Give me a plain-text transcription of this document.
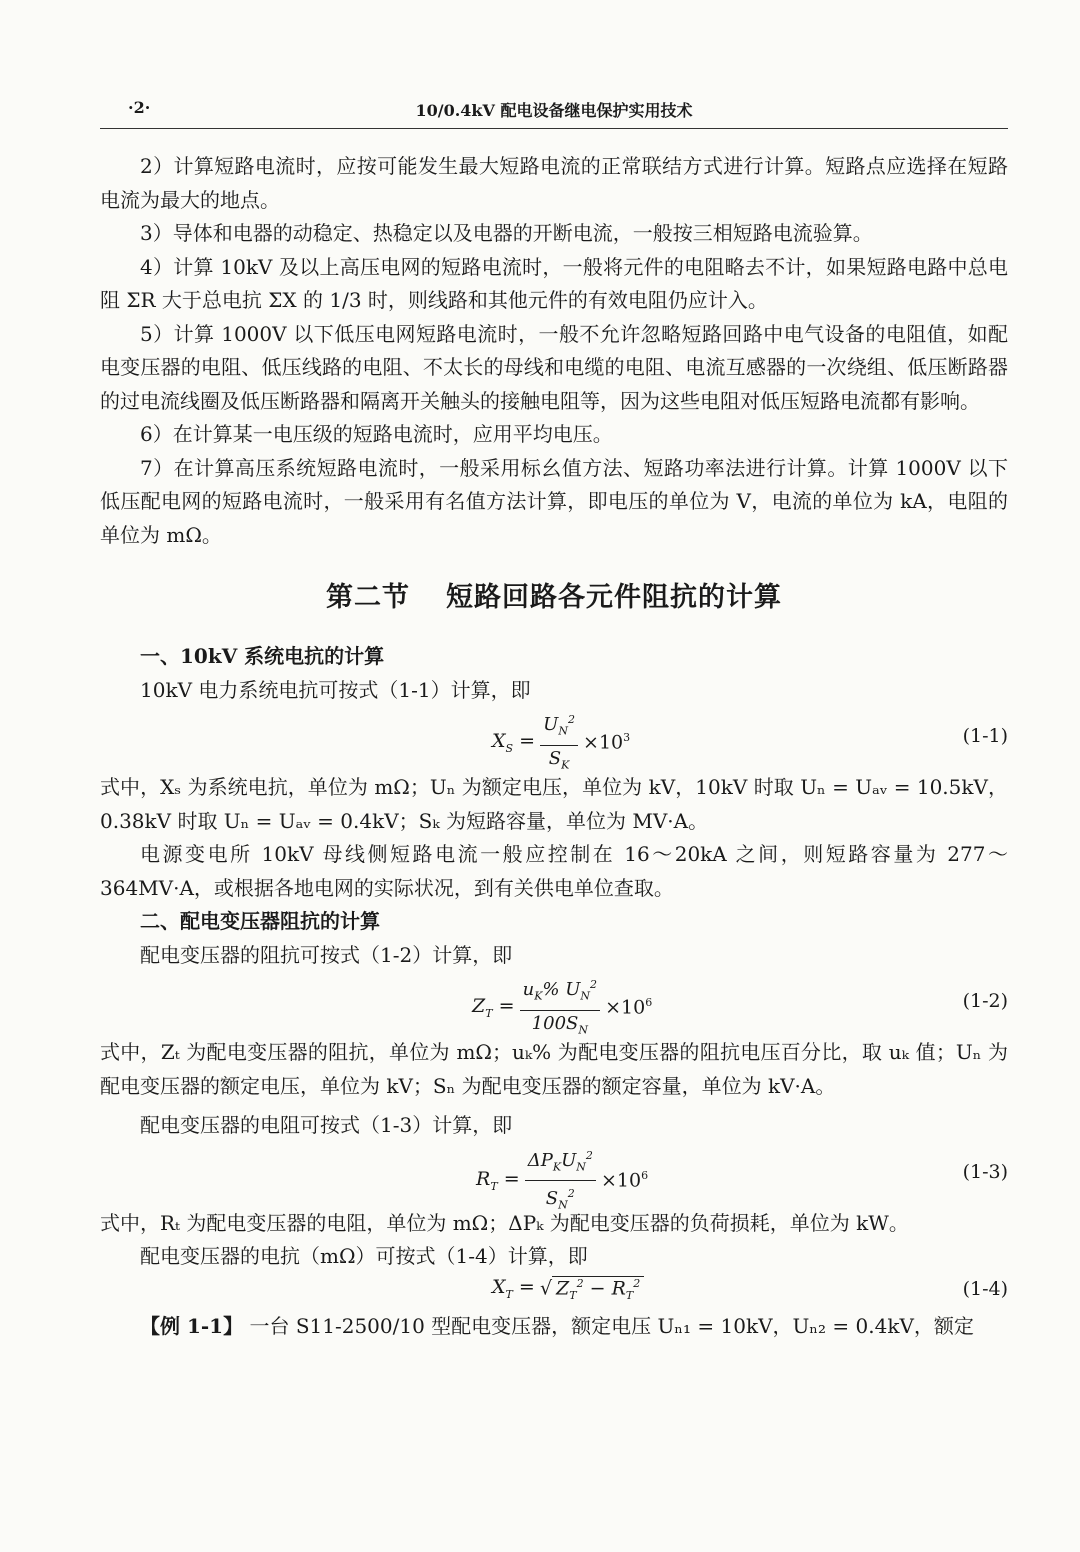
·2·	10/0.4kV 配电设备继电保护实用技术

2）计算短路电流时，应按可能发生最大短路电流的正常联结方式进行计算。短路点应选择在短路电流为最大的地点。

3）导体和电器的动稳定、热稳定以及电器的开断电流，一般按三相短路电流验算。

4）计算 10kV 及以上高压电网的短路电流时，一般将元件的电阻略去不计，如果短路电路中总电阻 ΣR 大于总电抗 ΣX 的 1/3 时，则线路和其他元件的有效电阻仍应计入。

5）计算 1000V 以下低压电网短路电流时，一般不允许忽略短路回路中电气设备的电阻值，如配电变压器的电阻、低压线路的电阻、不太长的母线和电缆的电阻、电流互感器的一次绕组、低压断路器的过电流线圈及低压断路器和隔离开关触头的接触电阻等，因为这些电阻对低压短路电流都有影响。

6）在计算某一电压级的短路电流时，应用平均电压。

7）在计算高压系统短路电流时，一般采用标幺值方法、短路功率法进行计算。计算 1000V 以下低压配电网的短路电流时，一般采用有名值方法计算，即电压的单位为 V，电流的单位为 kA，电阻的单位为 mΩ。

第二节 短路回路各元件阻抗的计算
一、10kV 系统电抗的计算

10kV 电力系统电抗可按式（1-1）计算，即

$X_S = \frac{U_N^2}{S_K} \times 10^3$	(1-1)

式中，Xₛ 为系统电抗，单位为 mΩ；Uₙ 为额定电压，单位为 kV，10kV 时取 Uₙ = Uₐᵥ = 10.5kV，0.38kV 时取 Uₙ = Uₐᵥ = 0.4kV；Sₖ 为短路容量，单位为 MV·A。

电源变电所 10kV 母线侧短路电流一般应控制在 16～20kA 之间，则短路容量为 277～364MV·A，或根据各地电网的实际状况，到有关供电单位查取。

二、配电变压器阻抗的计算

配电变压器的阻抗可按式（1-2）计算，即

$Z_T = \frac{u_K\% U_N^2}{100S_N} \times 10^6$	(1-2)

式中，Zₜ 为配电变压器的阻抗，单位为 mΩ；uₖ% 为配电变压器的阻抗电压百分比，取 uₖ 值；Uₙ 为配电变压器的额定电压，单位为 kV；Sₙ 为配电变压器的额定容量，单位为 kV·A。

配电变压器的电阻可按式（1-3）计算，即

$R_T = \frac{\Delta P_KU_N^2}{S_N^2} \times 10^6$	(1-3)

式中，Rₜ 为配电变压器的电阻，单位为 mΩ；ΔPₖ 为配电变压器的负荷损耗，单位为 kW。

配电变压器的电抗（mΩ）可按式（1-4）计算，即

$X_T$ = √ $Z_T^2 - R_T^2$	(1-4)

【例 1-1】 一台 S11-2500/10 型配电变压器，额定电压 Uₙ₁ = 10kV，Uₙ₂ = 0.4kV，额定
